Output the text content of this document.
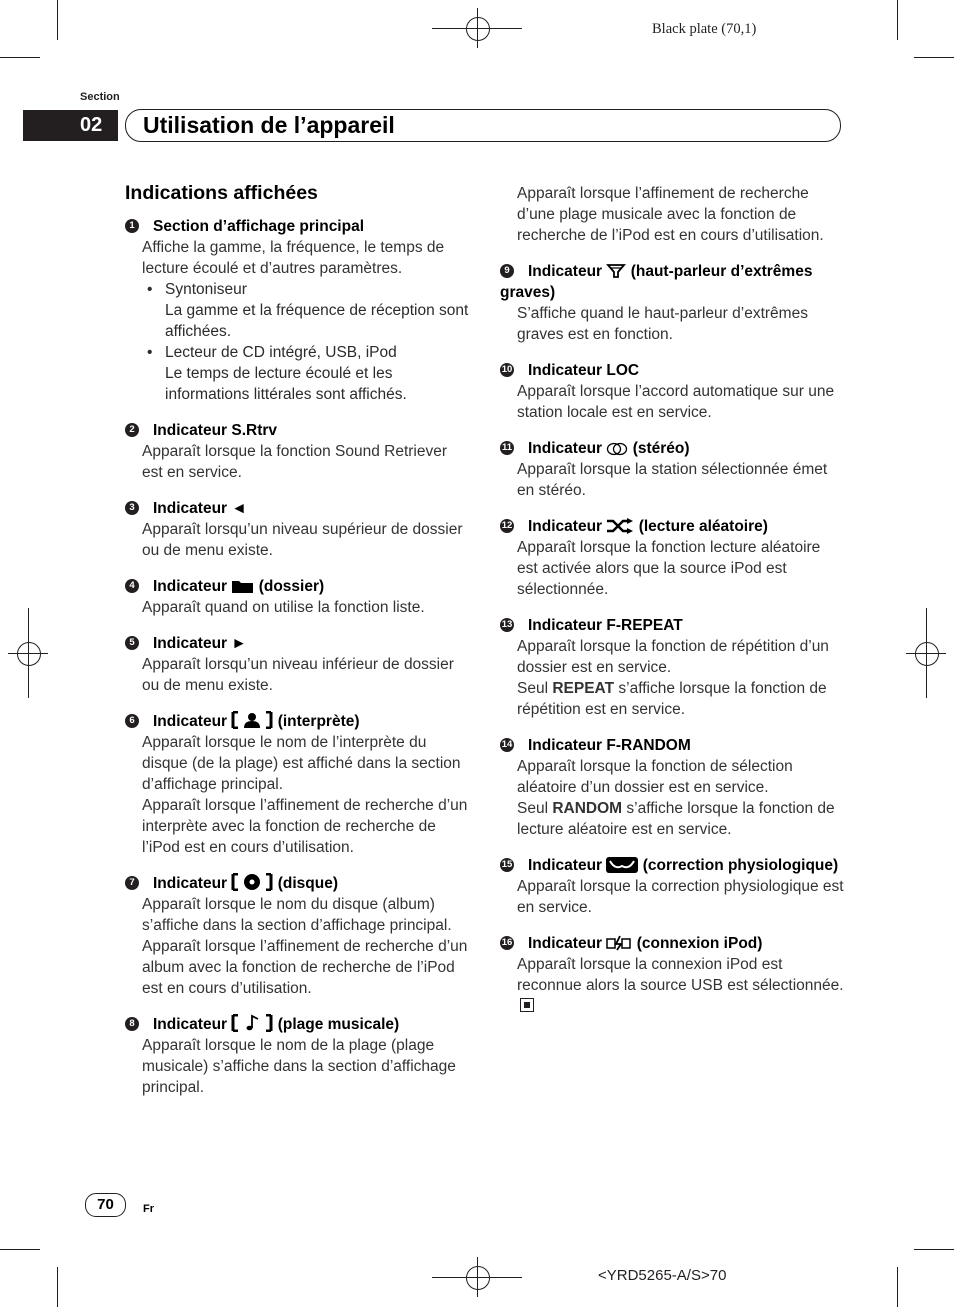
Black plate (70,1)
Section
02 Utilisation de l’appareil
Indications affichées
1 Section d’affichage principal
Affiche la gamme, la fréquence, le temps de lecture écoulé et d’autres paramètres.
• Syntoniseur
La gamme et la fréquence de réception sont affichées.
• Lecteur de CD intégré, USB, iPod
Le temps de lecture écoulé et les informations littérales sont affichés.
2 Indicateur S.Rtrv
Apparaît lorsque la fonction Sound Retriever est en service.
3 Indicateur ◄
Apparaît lorsqu’un niveau supérieur de dossier ou de menu existe.
4 Indicateur (dossier)
Apparaît quand on utilise la fonction liste.
5 Indicateur ►
Apparaît lorsqu’un niveau inférieur de dossier ou de menu existe.
6 Indicateur	(interprète)
Apparaît lorsque le nom de l’interprète du disque (de la plage) est affiché dans la section d’affichage principal.
Apparaît lorsque l’affinement de recherche d’un interprète avec la fonction de recherche de l’iPod est en cours d’utilisation.
7 Indicateur	(disque)
Apparaît lorsque le nom du disque (album) s’affiche dans la section d’affichage principal.
Apparaît lorsque l’affinement de recherche d’un album avec la fonction de recherche de l’iPod est en cours d’utilisation.
8 Indicateur	(plage musicale)
Apparaît lorsque le nom de la plage (plage musicale) s’affiche dans la section d’affichage principal.
Apparaît lorsque l’affinement de recherche d’une plage musicale avec la fonction de recherche de l’iPod est en cours d’utilisation.
9 Indicateur (haut-parleur d’extrêmes graves)
S’affiche quand le haut-parleur d’extrêmes graves est en fonction.
10 Indicateur LOC
Apparaît lorsque l’accord automatique sur une station locale est en service.
11 Indicateur (stéréo)
Apparaît lorsque la station sélectionnée émet en stéréo.
12 Indicateur (lecture aléatoire)
Apparaît lorsque la fonction lecture aléatoire est activée alors que la source iPod est sélectionnée.
13 Indicateur F-REPEAT
Apparaît lorsque la fonction de répétition d’un dossier est en service.
Seul REPEAT s’affiche lorsque la fonction de répétition est en service.
14 Indicateur F-RANDOM
Apparaît lorsque la fonction de sélection aléatoire d’un dossier est en service.
Seul RANDOM s’affiche lorsque la fonction de lecture aléatoire est en service.
15 Indicateur	(correction physiologique)
Apparaît lorsque la correction physiologique est en service.
16 Indicateur (connexion iPod)
Apparaît lorsque la connexion iPod est reconnue alors la source USB est sélectionnée.
70	Fr
<YRD5265-A/S>70
